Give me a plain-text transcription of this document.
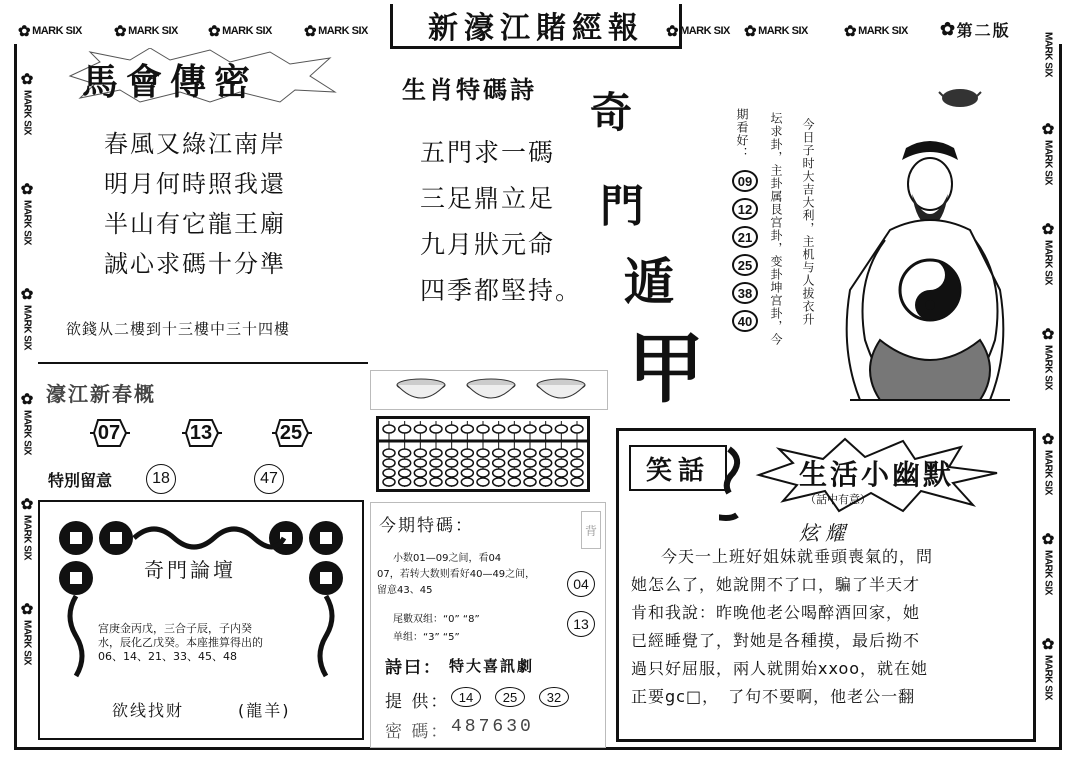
✿ MARK SIX ✿ MARK SIX ✿ MARK SIX ✿ MARK SIX 新濠江賭經報 ✿ MARK SIX ✿ MARK SIX ✿ MARK SIX ✿ 第二版
✿
MARK SIX
✿
MARK SIX
✿
MARK SIX
✿
MARK SIX
✿
MARK SIX
✿
MARK SIX
MARK SIX
✿
MARK SIX
✿
MARK SIX
✿
MARK SIX
✿
MARK SIX
✿
MARK SIX
✿
MARK SIX
馬會傳密
春風又綠江南岸
明月何時照我還
半山有它龍王廟
誠心求碼十分準
欲錢从二樓到十三樓中三十四樓
生肖特碼詩
五門求一碼
三足鼎立足
九月狀元命
四季都堅持。
奇
門
遁
甲
今日子时大吉大利，主机与人拔衣升
坛求卦，主卦属艮宫卦，变卦坤宫卦，今
期看好：
09
12
21
25
38
40
濠江新春概
07	13	25
特別留意	18	47
奇門論壇
宫庚金丙戊，三合子辰，子内癸
水，辰化乙戊癸。本座推算得出的
06、14、21、33、45、48
欲线找财	(龍羊)
今期特碼：	背
小数01—09之间，看04
07，若转大数则看好40—49之间，
留意43、45	04
尾數双组：“0” “8”
单组：“3” “5”
13
詩曰： 特大喜訊劇
提 供： 14	25	32
密 碼： 487630
笑話	生活小幽默
（話中有意）
炫耀
今天一上班好姐妹就垂頭喪氣的，問
她怎么了，她說開不了口，騙了半天才
肯和我說：昨晚他老公喝醉酒回家，她
已經睡覺了，對她是各種摸，最后拗不
過只好屈服，兩人就開始xxoo，就在她
正要gc□，　了句不要啊，他老公一翻
